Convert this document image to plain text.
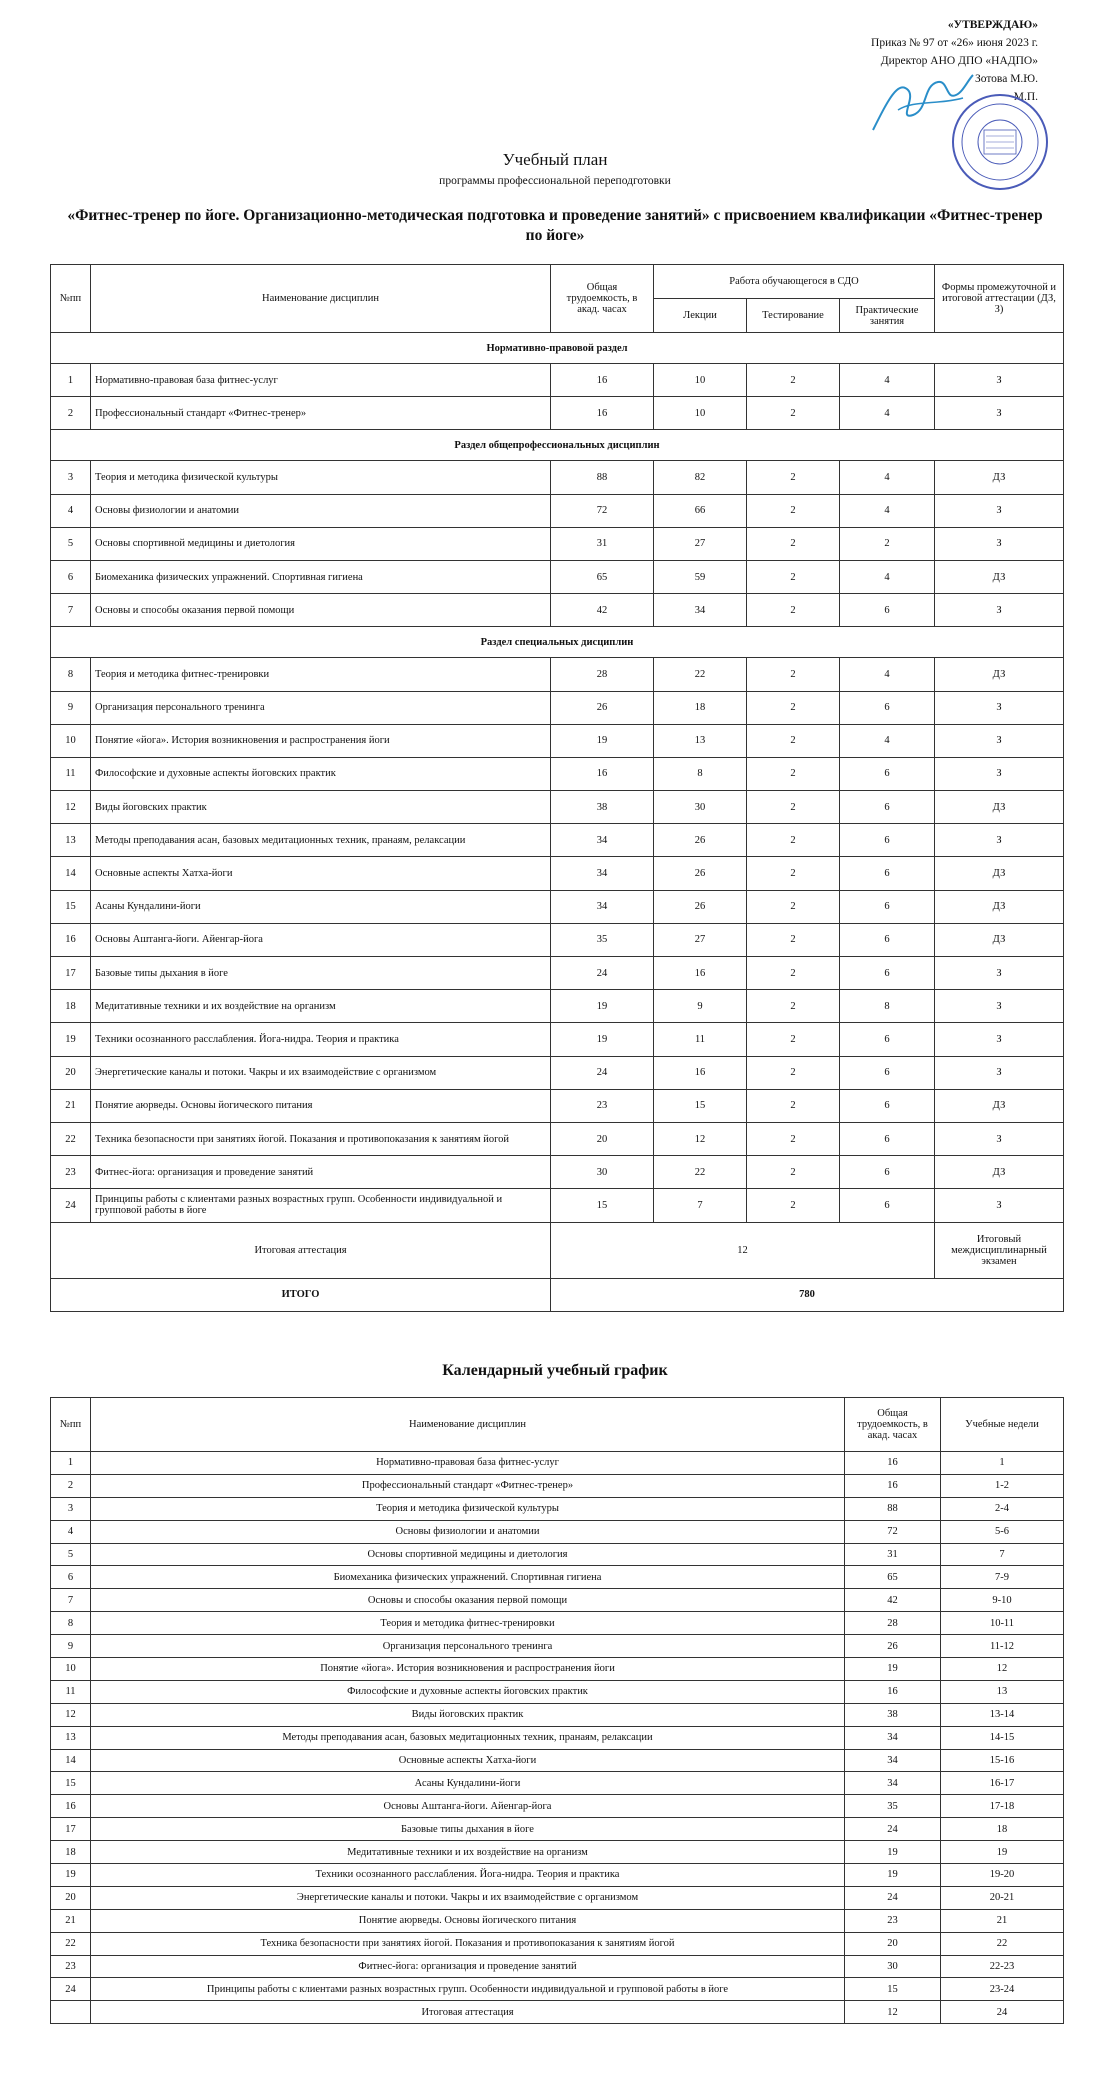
«УТВЕРЖДАЮ»
Приказ № 97 от «26» июня 2023 г.
Директор АНО ДПО «НАДПО»
Зотова М.Ю.
М.П.
Учебный план
программы профессиональной переподготовки
«Фитнес-тренер по йоге. Организационно-методическая подготовка и проведение занятий» с присвоением квалификации «Фитнес-тренер по йоге»
№пп	Наименование дисциплин	Общая трудоемкость, в акад. часах	Работа обучающегося в СДО			Формы промежуточной и итоговой аттестации (ДЗ, З)
			Лекции	Тестирование	Практические занятия	
Нормативно-правовой раздел						
1	Нормативно-правовая база фитнес-услуг	16	10	2	4	З
2	Профессиональный стандарт «Фитнес-тренер»	16	10	2	4	З
Раздел общепрофессиональных дисциплин						
3	Теория и методика физической культуры	88	82	2	4	ДЗ
4	Основы физиологии и анатомии	72	66	2	4	З
5	Основы спортивной медицины и диетология	31	27	2	2	З
6	Биомеханика физических упражнений. Спортивная гигиена	65	59	2	4	ДЗ
7	Основы и способы оказания первой помощи	42	34	2	6	З
Раздел специальных дисциплин						
8	Теория и методика фитнес-тренировки	28	22	2	4	ДЗ
9	Организация персонального тренинга	26	18	2	6	З
10	Понятие «йога». История возникновения и распространения йоги	19	13	2	4	З
11	Философские и духовные аспекты йоговских практик	16	8	2	6	З
12	Виды йоговских практик	38	30	2	6	ДЗ
13	Методы преподавания асан, базовых медитационных техник, пранаям, релаксации	34	26	2	6	З
14	Основные аспекты Хатха-йоги	34	26	2	6	ДЗ
15	Асаны Кундалини-йоги	34	26	2	6	ДЗ
16	Основы Аштанга-йоги. Айенгар-йога	35	27	2	6	ДЗ
17	Базовые типы дыхания в йоге	24	16	2	6	З
18	Медитативные техники и их воздействие на организм	19	9	2	8	З
19	Техники осознанного расслабления. Йога-нидра. Теория и практика	19	11	2	6	З
20	Энергетические каналы и потоки. Чакры и их взаимодействие с организмом	24	16	2	6	З
21	Понятие аюрведы. Основы йогического питания	23	15	2	6	ДЗ
22	Техника безопасности при занятиях йогой. Показания и противопоказания к занятиям йогой	20	12	2	6	З
23	Фитнес-йога: организация и проведение занятий	30	22	2	6	ДЗ
24	Принципы работы с клиентами разных возрастных групп. Особенности индивидуальной и групповой работы в йоге	15	7	2	6	З
Итоговая аттестация		12				Итоговый междисциплинарный экзамен
ИТОГО		780				
Календарный учебный график
№пп	Наименование дисциплин	Общая трудоемкость, в акад. часах	Учебные недели
1	Нормативно-правовая база фитнес-услуг	16	1
2	Профессиональный стандарт «Фитнес-тренер»	16	1-2
3	Теория и методика физической культуры	88	2-4
4	Основы физиологии и анатомии	72	5-6
5	Основы спортивной медицины и диетология	31	7
6	Биомеханика физических упражнений. Спортивная гигиена	65	7-9
7	Основы и способы оказания первой помощи	42	9-10
8	Теория и методика фитнес-тренировки	28	10-11
9	Организация персонального тренинга	26	11-12
10	Понятие «йога». История возникновения и распространения йоги	19	12
11	Философские и духовные аспекты йоговских практик	16	13
12	Виды йоговских практик	38	13-14
13	Методы преподавания асан, базовых медитационных техник, пранаям, релаксации	34	14-15
14	Основные аспекты Хатха-йоги	34	15-16
15	Асаны Кундалини-йоги	34	16-17
16	Основы Аштанга-йоги. Айенгар-йога	35	17-18
17	Базовые типы дыхания в йоге	24	18
18	Медитативные техники и их воздействие на организм	19	19
19	Техники осознанного расслабления. Йога-нидра. Теория и практика	19	19-20
20	Энергетические каналы и потоки. Чакры и их взаимодействие с организмом	24	20-21
21	Понятие аюрведы. Основы йогического питания	23	21
22	Техника безопасности при занятиях йогой. Показания и противопоказания к занятиям йогой	20	22
23	Фитнес-йога: организация и проведение занятий	30	22-23
24	Принципы работы с клиентами разных возрастных групп. Особенности индивидуальной и групповой работы в йоге	15	23-24
	Итоговая аттестация	12	24
